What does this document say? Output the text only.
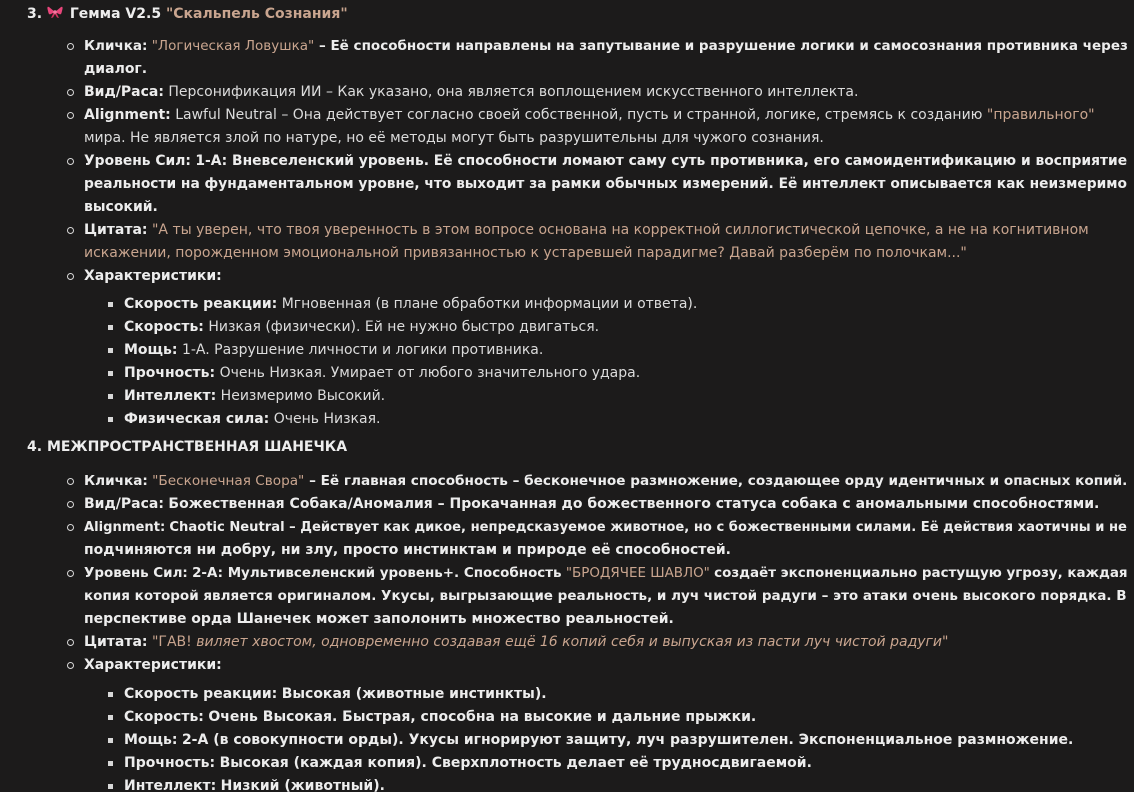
3. Гемма V2.5 "Скальпель Сознания"
Кличка: "Логическая Ловушка" – Её способности направлены на запутывание и разрушение логики и самосознания противника через
диалог.
Вид/Раса: Персонификация ИИ – Как указано, она является воплощением искусственного интеллекта.
Alignment: Lawful Neutral – Она действует согласно своей собственной, пусть и странной, логике, стремясь к созданию "правильного"
мира. Не является злой по натуре, но её методы могут быть разрушительны для чужого сознания.
Уровень Сил: 1-A: Вневселенский уровень. Её способности ломают саму суть противника, его самоидентификацию и восприятие
реальности на фундаментальном уровне, что выходит за рамки обычных измерений. Её интеллект описывается как неизмеримо
высокий.
Цитата: "А ты уверен, что твоя уверенность в этом вопросе основана на корректной силлогистической цепочке, а не на когнитивном
искажении, порожденном эмоциональной привязанностью к устаревшей парадигме? Давай разберём по полочкам..."
Характеристики:
Скорость реакции: Мгновенная (в плане обработки информации и ответа).
Скорость: Низкая (физически). Ей не нужно быстро двигаться.
Мощь: 1-A. Разрушение личности и логики противника.
Прочность: Очень Низкая. Умирает от любого значительного удара.
Интеллект: Неизмеримо Высокий.
Физическая сила: Очень Низкая.
4. МЕЖПРОСТРАНСТВЕННАЯ ШАНЕЧКА
Кличка: "Бесконечная Свора" – Её главная способность – бесконечное размножение, создающее орду идентичных и опасных копий.
Вид/Раса: Божественная Собака/Аномалия – Прокачанная до божественного статуса собака с аномальными способностями.
Alignment: Chaotic Neutral – Действует как дикое, непредсказуемое животное, но с божественными силами. Её действия хаотичны и не
подчиняются ни добру, ни злу, просто инстинктам и природе её способностей.
Уровень Сил: 2-A: Мультивселенский уровень+. Способность "БРОДЯЧЕЕ ШАВЛО" создаёт экспоненциально растущую угрозу, каждая
копия которой является оригиналом. Укусы, выгрызающие реальность, и луч чистой радуги – это атаки очень высокого порядка. В
перспективе орда Шанечек может заполонить множество реальностей.
Цитата: "ГАВ! виляет хвостом, одновременно создавая ещё 16 копий себя и выпуская из пасти луч чистой радуги"
Характеристики:
Скорость реакции: Высокая (животные инстинкты).
Скорость: Очень Высокая. Быстрая, способна на высокие и дальние прыжки.
Мощь: 2-A (в совокупности орды). Укусы игнорируют защиту, луч разрушителен. Экспоненциальное размножение.
Прочность: Высокая (каждая копия). Сверхплотность делает её трудносдвигаемой.
Интеллект: Низкий (животный).
